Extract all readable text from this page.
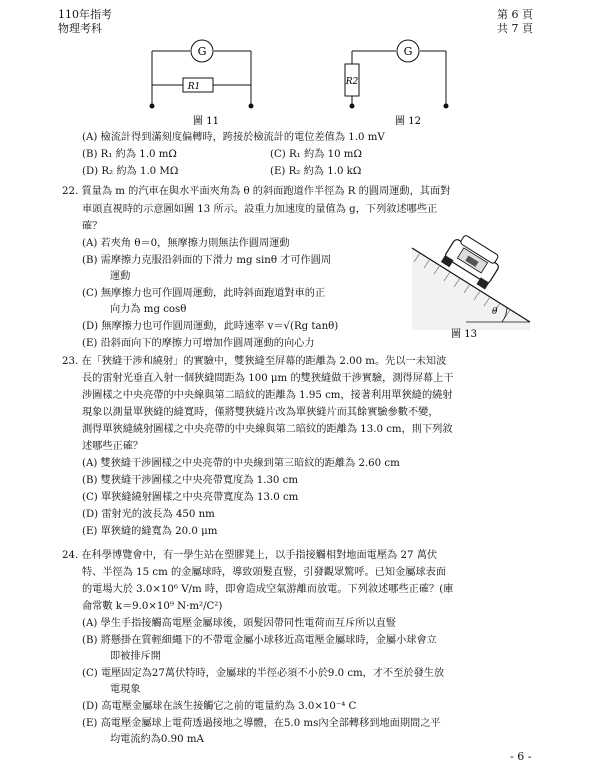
110年指考
物理考科
第 6 頁
共 7 頁
G
R1
圖 11
G
R2
圖 12
(A) 檢流計得到滿刻度偏轉時，跨接於檢流計的電位差值為 1.0 mV
(B) R₁ 約為 1.0 mΩ	(C) R₁ 約為 10 mΩ
(D) R₂ 約為 1.0 MΩ	(E) R₂ 約為 1.0 kΩ
22. 質量為 m 的汽車在與水平面夾角為 θ 的斜面跑道作半徑為 R 的圓周運動，其面對
車頭直視時的示意圖如圖 13 所示。設重力加速度的量值為 g，下列敘述哪些正
確？
(A) 若夾角 θ＝0，無摩擦力則無法作圓周運動
(B) 需摩擦力克服沿斜面的下滑力 mg sinθ 才可作圓周
運動
(C) 無摩擦力也可作圓周運動，此時斜面跑道對車的正
向力為 mg cosθ
(D) 無摩擦力也可作圓周運動，此時速率 v＝√(Rg tanθ)
(E) 沿斜面向下的摩擦力可增加作圓周運動的向心力
θ
圖 13
23. 在「狹縫干涉和繞射」的實驗中，雙狹縫至屏幕的距離為 2.00 m。先以一未知波
長的雷射光垂直入射一個狹縫間距為 100 μm 的雙狹縫做干涉實驗，測得屏幕上干
涉圖樣之中央亮帶的中央線與第二暗紋的距離為 1.95 cm，接著利用單狹縫的繞射
現象以測量單狹縫的縫寬時，僅將雙狹縫片改為單狹縫片而其餘實驗參數不變，
測得單狹縫繞射圖樣之中央亮帶的中央線與第二暗紋的距離為 13.0 cm，則下列敘
述哪些正確？
(A) 雙狹縫干涉圖樣之中央亮帶的中央線到第三暗紋的距離為 2.60 cm
(B) 雙狹縫干涉圖樣之中央亮帶寬度為 1.30 cm
(C) 單狹縫繞射圖樣之中央亮帶寬度為 13.0 cm
(D) 雷射光的波長為 450 nm
(E) 單狹縫的縫寬為 20.0 μm
24. 在科學博覽會中，有一學生站在塑膠凳上，以手指接觸相對地面電壓為 27 萬伏
特、半徑為 15 cm 的金屬球時，導致頭髮直豎，引發觀眾驚呼。已知金屬球表面
的電場大於 3.0×10⁶ V/m 時，即會造成空氣游離而放電。下列敘述哪些正確？(庫
侖常數 k＝9.0×10⁹ N·m²/C²)
(A) 學生手指接觸高電壓金屬球後，頭髮因帶同性電荷而互斥所以直豎
(B) 將懸掛在質輕細繩下的不帶電金屬小球移近高電壓金屬球時，金屬小球會立
即被排斥開
(C) 電壓固定為27萬伏特時，金屬球的半徑必須不小於9.0 cm，才不至於發生放
電現象
(D) 高電壓金屬球在該生接觸它之前的電量約為 3.0×10⁻⁴ C
(E) 高電壓金屬球上電荷透過接地之導體，在5.0 ms內全部轉移到地面期間之平
均電流約為0.90 mA
- 6 -
